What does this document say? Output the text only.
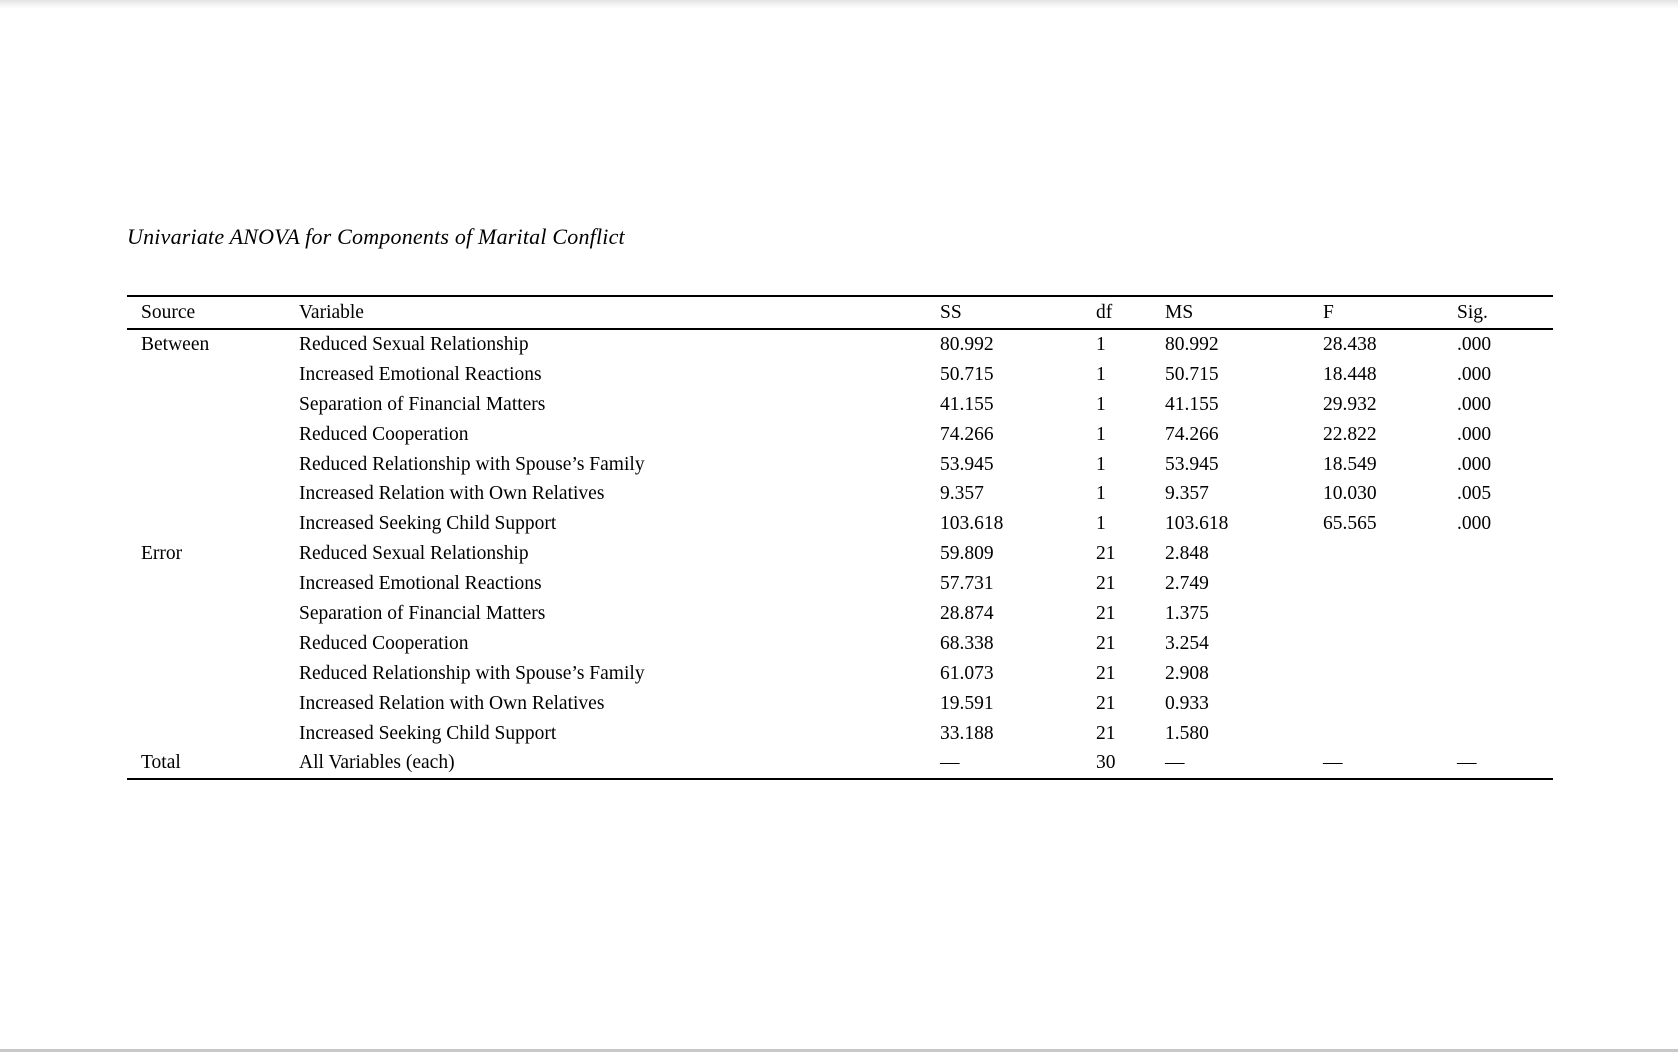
Univariate ANOVA for Components of Marital Conflict
Source	Variable	SS	df	MS	F	Sig.
Between	Reduced Sexual Relationship	80.992	1	80.992	28.438	.000
Increased Emotional Reactions	50.715	1	50.715	18.448	.000
Separation of Financial Matters	41.155	1	41.155	29.932	.000
Reduced Cooperation	74.266	1	74.266	22.822	.000
Reduced Relationship with Spouse’s Family	53.945	1	53.945	18.549	.000
Increased Relation with Own Relatives	9.357	1	9.357	10.030	.005
Increased Seeking Child Support	103.618	1	103.618	65.565	.000
Error	Reduced Sexual Relationship	59.809	21	2.848
Increased Emotional Reactions	57.731	21	2.749
Separation of Financial Matters	28.874	21	1.375
Reduced Cooperation	68.338	21	3.254
Reduced Relationship with Spouse’s Family	61.073	21	2.908
Increased Relation with Own Relatives	19.591	21	0.933
Increased Seeking Child Support	33.188	21	1.580
Total	All Variables (each)	—	30	—	—	—
